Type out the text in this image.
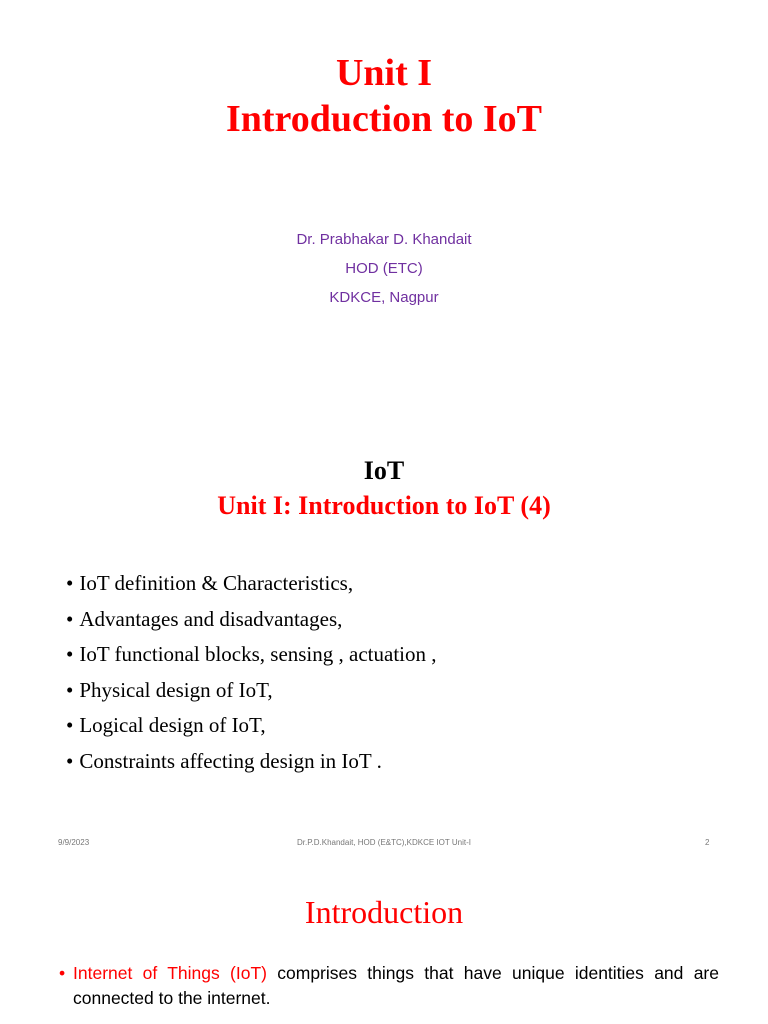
Unit I
Introduction to IoT
Dr. Prabhakar D. Khandait
HOD (ETC)
KDKCE, Nagpur
IoT
Unit I: Introduction to IoT (4)
• IoT definition & Characteristics,
• Advantages and disadvantages,
• IoT functional blocks, sensing , actuation ,
• Physical design of IoT,
• Logical design of IoT,
• Constraints affecting design in IoT .
9/9/2023	Dr.P.D.Khandait, HOD (E&TC),KDKCE IOT Unit-I	2
Introduction
• Internet of Things (IoT) comprises things that have unique identities and are connected to the internet.
